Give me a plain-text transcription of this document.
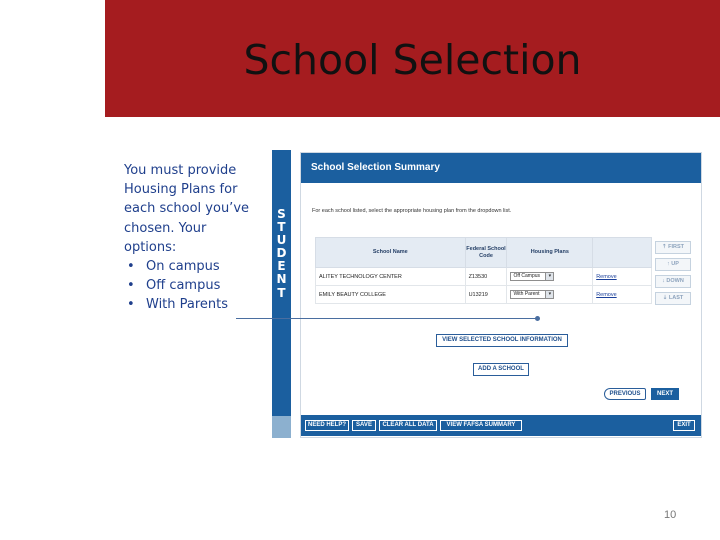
School Selection
You must provide
Housing Plans for
each school you’ve
chosen. Your
options:
• On campus
• Off campus
• With Parents
S
T
U
D
E
N
T
School Selection Summary
For each school listed, select the appropriate housing plan from the dropdown list.
School Name	Federal School Code	Housing Plans	
ALITEY TECHNOLOGY CENTER	Z13530	Off Campus ▾	Remove
EMILY BEAUTY COLLEGE	U13219	With Parent ▾	Remove
⇡ FIRST
↑ UP
↓ DOWN
⇣ LAST
VIEW SELECTED SCHOOL INFORMATION
ADD A SCHOOL
PREVIOUS	NEXT
NEED HELP?	SAVE	CLEAR ALL DATA	VIEW FAFSA SUMMARY	EXIT
10
